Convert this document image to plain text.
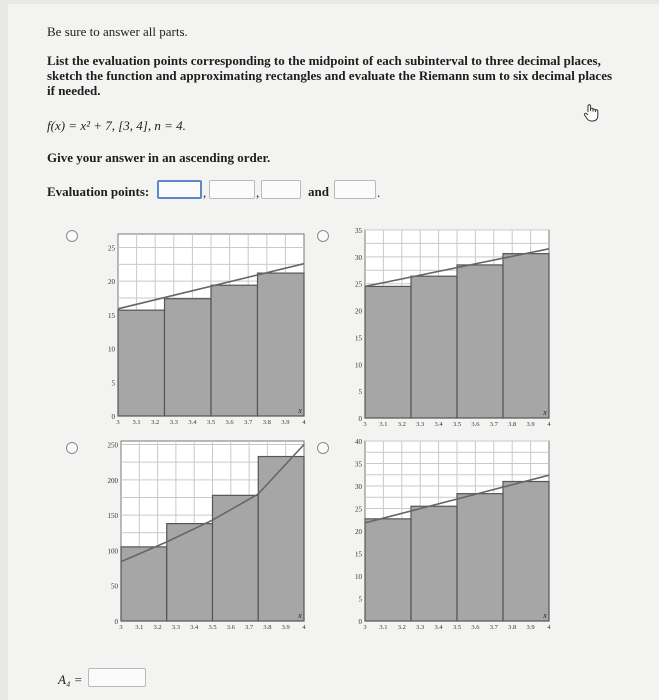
Be sure to answer all parts.
List the evaluation points corresponding to the midpoint of each subinterval to three decimal places,
sketch the function and approximating rectangles and evaluate the Riemann sum to six decimal places
if needed.
f(x) = x² + 7, [3, 4], n = 4.
Give your answer in an ascending order.
Evaluation points:	,	,	and	.
0
5
10
15
20
25
3 3.1 3.2 3.3 3.4 3.5 3.6 3.7 3.8 3.9 4
x
0
5
10
15
20
25
30
35
3 3.1 3.2 3.3 3.4 3.5 3.6 3.7 3.8 3.9 4
x
0
50
100
150
200
250
3 3.1 3.2 3.3 3.4 3.5 3.6 3.7 3.8 3.9 4
x
0
5
10
15
20
25
30
35
40
3 3.1 3.2 3.3 3.4 3.5 3.6 3.7 3.8 3.9 4
x
A₄ =
